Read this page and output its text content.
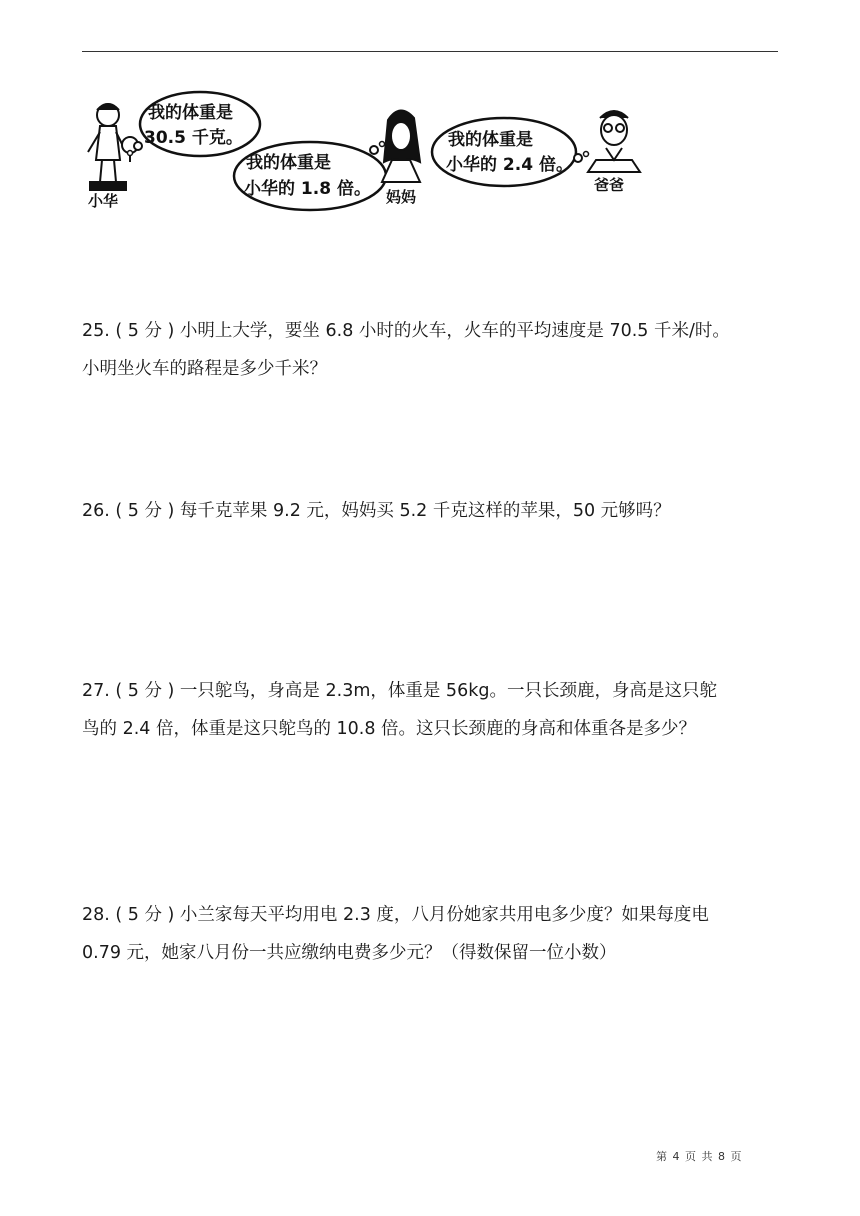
小华
我的体重是
30.5 千克。
我的体重是
小华的 1.8 倍。 妈妈
我的体重是
小华的 2.4 倍。
爸爸

25. ( 5 分 ) 小明上大学，要坐 6.8 小时的火车，火车的平均速度是 70.5 千米/时。

小明坐火车的路程是多少千米？

26. ( 5 分 ) 每千克苹果 9.2 元，妈妈买 5.2 千克这样的苹果，50 元够吗？

27. ( 5 分 ) 一只鸵鸟，身高是 2.3m，体重是 56kg。一只长颈鹿，身高是这只鸵

鸟的 2.4 倍，体重是这只鸵鸟的 10.8 倍。这只长颈鹿的身高和体重各是多少？

28. ( 5 分 ) 小兰家每天平均用电 2.3 度，八月份她家共用电多少度？如果每度电

0.79 元，她家八月份一共应缴纳电费多少元？（得数保留一位小数）

第 4 页 共 8 页
